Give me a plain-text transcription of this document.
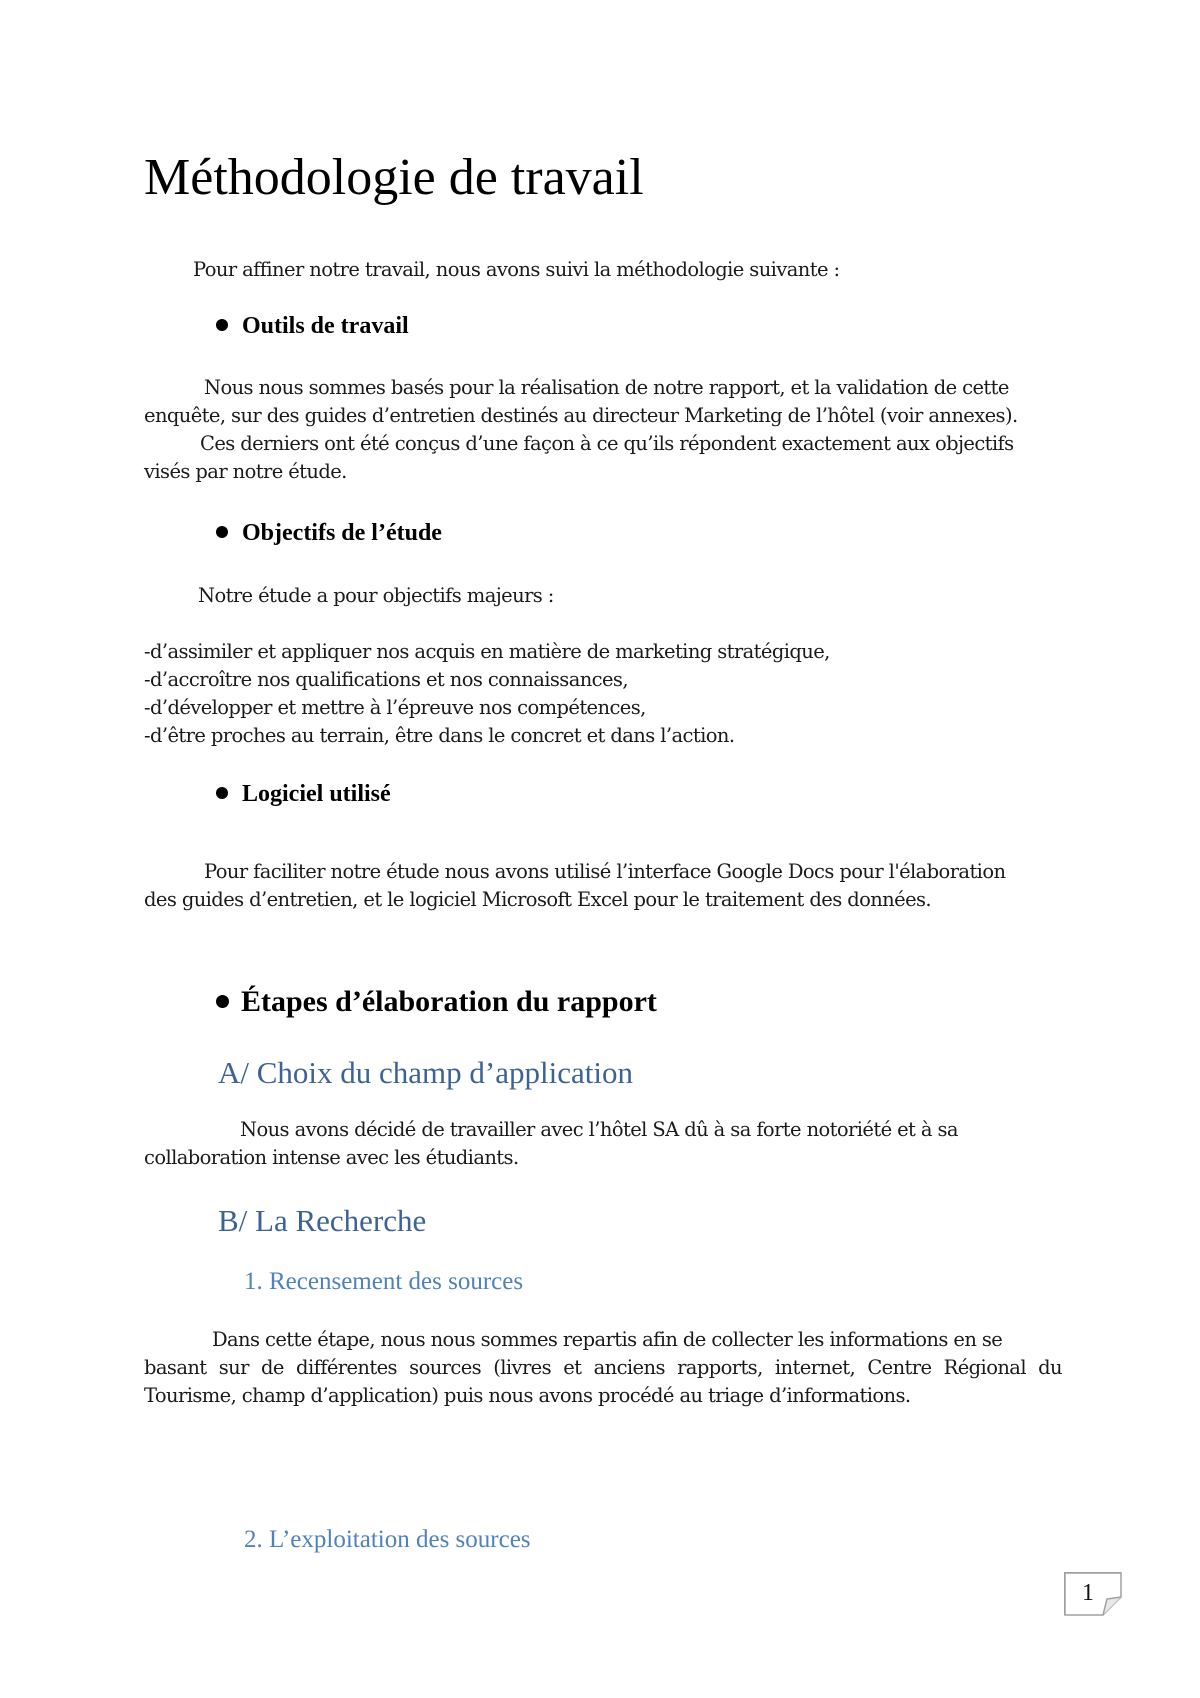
Méthodologie de travail
Pour affiner notre travail, nous avons suivi la méthodologie suivante :
Outils de travail
Nous nous sommes basés pour la réalisation de notre rapport, et la validation de cette
enquête, sur des guides d’entretien destinés au directeur Marketing de l’hôtel (voir annexes).
Ces derniers ont été conçus d’une façon à ce qu’ils répondent exactement aux objectifs
visés par notre étude.
Objectifs de l’étude
Notre étude a pour objectifs majeurs :
-d’assimiler et appliquer nos acquis en matière de marketing stratégique,
-d’accroître nos qualifications et nos connaissances,
-d’développer et mettre à l’épreuve nos compétences,
-d’être proches au terrain, être dans le concret et dans l’action.
Logiciel utilisé
Pour faciliter notre étude nous avons utilisé l’interface Google Docs pour l'élaboration
des guides d’entretien, et le logiciel Microsoft Excel pour le traitement des données.
Étapes d’élaboration du rapport
A/ Choix du champ d’application
Nous avons décidé de travailler avec l’hôtel SA dû à sa forte notoriété et à sa
collaboration intense avec les étudiants.
B/ La Recherche
1. Recensement des sources
Dans cette étape, nous nous sommes repartis afin de collecter les informations en se
basant sur de différentes sources (livres et anciens rapports, internet, Centre Régional du
Tourisme, champ d’application) puis nous avons procédé au triage d’informations.
2. L’exploitation des sources
1
